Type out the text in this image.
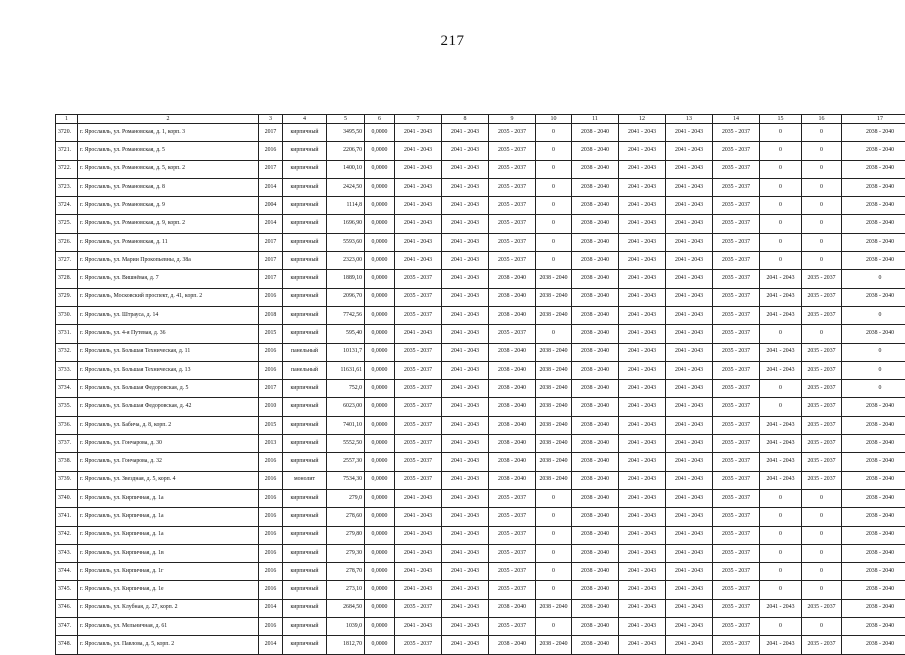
217
1	2	3	4	5	6	7	8	9	10	11	12	13	14	15	16	17
3720.	г. Ярославль, ул. Романовская, д. 1, корп. 3	2017	кирпичный	3495,50	0,0000	2041 - 2043	2041 - 2043	2035 - 2037	0	2038 - 2040	2041 - 2043	2041 - 2043	2035 - 2037	0	0	2038 - 2040
3721.	г. Ярославль, ул. Романовская, д. 5	2016	кирпичный	2206,70	0,0000	2041 - 2043	2041 - 2043	2035 - 2037	0	2038 - 2040	2041 - 2043	2041 - 2043	2035 - 2037	0	0	2038 - 2040
3722.	г. Ярославль, ул. Романовская, д. 5, корп. 2	2017	кирпичный	1400,10	0,0000	2041 - 2043	2041 - 2043	2035 - 2037	0	2038 - 2040	2041 - 2043	2041 - 2043	2035 - 2037	0	0	2038 - 2040
3723.	г. Ярославль, ул. Романовская, д. 8	2014	кирпичный	2424,50	0,0000	2041 - 2043	2041 - 2043	2035 - 2037	0	2038 - 2040	2041 - 2043	2041 - 2043	2035 - 2037	0	0	2038 - 2040
3724.	г. Ярославль, ул. Романовская, д. 9	2004	кирпичный	1114,8	0,0000	2041 - 2043	2041 - 2043	2035 - 2037	0	2038 - 2040	2041 - 2043	2041 - 2043	2035 - 2037	0	0	2038 - 2040
3725.	г. Ярославль, ул. Романовская, д. 9, корп. 2	2014	кирпичный	1696,90	0,0000	2041 - 2043	2041 - 2043	2035 - 2037	0	2038 - 2040	2041 - 2043	2041 - 2043	2035 - 2037	0	0	2038 - 2040
3726.	г. Ярославль, ул. Романовская, д. 11	2017	кирпичный	5593,60	0,0000	2041 - 2043	2041 - 2043	2035 - 2037	0	2038 - 2040	2041 - 2043	2041 - 2043	2035 - 2037	0	0	2038 - 2040
3727.	г. Ярославль, ул. Марии Прокопьевны, д. 38а	2017	кирпичный	2323,00	0,0000	2041 - 2043	2041 - 2043	2035 - 2037	0	2038 - 2040	2041 - 2043	2041 - 2043	2035 - 2037	0	0	2038 - 2040
3728.	г. Ярославль, ул. Вишнёвая, д. 7	2017	кирпичный	1889,10	0,0000	2035 - 2037	2041 - 2043	2038 - 2040	2038 - 2040	2038 - 2040	2041 - 2043	2041 - 2043	2035 - 2037	2041 - 2043	2035 - 2037	0
3729.	г. Ярославль, Московский проспект, д. 41, корп. 2	2016	кирпичный	2096,70	0,0000	2035 - 2037	2041 - 2043	2038 - 2040	2038 - 2040	2038 - 2040	2041 - 2043	2041 - 2043	2035 - 2037	2041 - 2043	2035 - 2037	2038 - 2040
3730.	г. Ярославль, ул. Штрауса, д. 14	2018	кирпичный	7742,56	0,0000	2035 - 2037	2041 - 2043	2038 - 2040	2038 - 2040	2038 - 2040	2041 - 2043	2041 - 2043	2035 - 2037	2041 - 2043	2035 - 2037	0
3731.	г. Ярославль, ул. 4-я Путевая, д. 36	2015	кирпичный	595,40	0,0000	2041 - 2043	2041 - 2043	2035 - 2037	0	2038 - 2040	2041 - 2043	2041 - 2043	2035 - 2037	0	0	2038 - 2040
3732.	г. Ярославль, ул. Большая Техническая, д. 11	2016	панельный	10131,7	0,0000	2035 - 2037	2041 - 2043	2038 - 2040	2038 - 2040	2038 - 2040	2041 - 2043	2041 - 2043	2035 - 2037	2041 - 2043	2035 - 2037	0
3733.	г. Ярославль, ул. Большая Техническая, д. 13	2016	панельный	11631,61	0,0000	2035 - 2037	2041 - 2043	2038 - 2040	2038 - 2040	2038 - 2040	2041 - 2043	2041 - 2043	2035 - 2037	2041 - 2043	2035 - 2037	0
3734.	г. Ярославль, ул. Большая Федоровская, д. 5	2017	кирпичный	752,0	0,0000	2035 - 2037	2041 - 2043	2038 - 2040	2038 - 2040	2038 - 2040	2041 - 2043	2041 - 2043	2035 - 2037	0	2035 - 2037	0
3735.	г. Ярославль, ул. Большая Федоровская, д. 42	2010	кирпичный	6023,00	0,0000	2035 - 2037	2041 - 2043	2038 - 2040	2038 - 2040	2038 - 2040	2041 - 2043	2041 - 2043	2035 - 2037	0	2035 - 2037	2038 - 2040
3736.	г. Ярославль, ул. Бабича, д. 8, корп. 2	2015	кирпичный	7401,10	0,0000	2035 - 2037	2041 - 2043	2038 - 2040	2038 - 2040	2038 - 2040	2041 - 2043	2041 - 2043	2035 - 2037	2041 - 2043	2035 - 2037	2038 - 2040
3737.	г. Ярославль, ул. Гончарова, д. 30	2013	кирпичный	5552,50	0,0000	2035 - 2037	2041 - 2043	2038 - 2040	2038 - 2040	2038 - 2040	2041 - 2043	2041 - 2043	2035 - 2037	2041 - 2043	2035 - 2037	2038 - 2040
3738.	г. Ярославль, ул. Гончарова, д. 32	2016	кирпичный	2557,30	0,0000	2035 - 2037	2041 - 2043	2038 - 2040	2038 - 2040	2038 - 2040	2041 - 2043	2041 - 2043	2035 - 2037	2041 - 2043	2035 - 2037	2038 - 2040
3739.	г. Ярославль, ул. Звездная, д. 5, корп. 4	2016	монолит	7534,30	0,0000	2035 - 2037	2041 - 2043	2038 - 2040	2038 - 2040	2038 - 2040	2041 - 2043	2041 - 2043	2035 - 2037	2041 - 2043	2035 - 2037	2038 - 2040
3740.	г. Ярославль, ул. Кирпичная, д. 1а	2016	кирпичный	279,0	0,0000	2041 - 2043	2041 - 2043	2035 - 2037	0	2038 - 2040	2041 - 2043	2041 - 2043	2035 - 2037	0	0	2038 - 2040
3741.	г. Ярославль, ул. Кирпичная, д. 1а	2016	кирпичный	278,60	0,0000	2041 - 2043	2041 - 2043	2035 - 2037	0	2038 - 2040	2041 - 2043	2041 - 2043	2035 - 2037	0	0	2038 - 2040
3742.	г. Ярославль, ул. Кирпичная, д. 1а	2016	кирпичный	279,80	0,0000	2041 - 2043	2041 - 2043	2035 - 2037	0	2038 - 2040	2041 - 2043	2041 - 2043	2035 - 2037	0	0	2038 - 2040
3743.	г. Ярославль, ул. Кирпичная, д. 1в	2016	кирпичный	279,30	0,0000	2041 - 2043	2041 - 2043	2035 - 2037	0	2038 - 2040	2041 - 2043	2041 - 2043	2035 - 2037	0	0	2038 - 2040
3744.	г. Ярославль, ул. Кирпичная, д. 1г	2016	кирпичный	278,70	0,0000	2041 - 2043	2041 - 2043	2035 - 2037	0	2038 - 2040	2041 - 2043	2041 - 2043	2035 - 2037	0	0	2038 - 2040
3745.	г. Ярославль, ул. Кирпичная, д. 1е	2016	кирпичный	273,10	0,0000	2041 - 2043	2041 - 2043	2035 - 2037	0	2038 - 2040	2041 - 2043	2041 - 2043	2035 - 2037	0	0	2038 - 2040
3746.	г. Ярославль, ул. Клубная, д. 27, корп. 2	2014	кирпичный	2684,50	0,0000	2035 - 2037	2041 - 2043	2038 - 2040	2038 - 2040	2038 - 2040	2041 - 2043	2041 - 2043	2035 - 2037	2041 - 2043	2035 - 2037	2038 - 2040
3747.	г. Ярославль, ул. Мельничная, д. 61	2016	кирпичный	1039,0	0,0000	2041 - 2043	2041 - 2043	2035 - 2037	0	2038 - 2040	2041 - 2043	2041 - 2043	2035 - 2037	0	0	2038 - 2040
3748.	г. Ярославль, ул. Павлова, д. 5, корп. 2	2014	кирпичный	1812,70	0,0000	2035 - 2037	2041 - 2043	2038 - 2040	2038 - 2040	2038 - 2040	2041 - 2043	2041 - 2043	2035 - 2037	2041 - 2043	2035 - 2037	2038 - 2040
